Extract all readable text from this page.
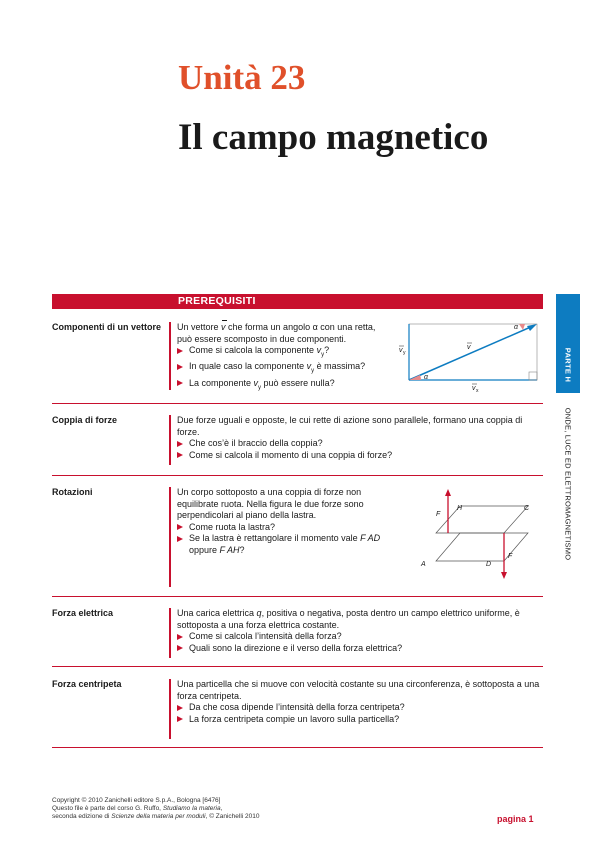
Unità 23
Il campo magnetico
PREREQUISITI
PARTE H
ONDE, LUCE ED ELETTROMAGNETISMO
Componenti di un vettore	Un vettore v che forma un angolo α con una retta,

può essere scomposto in due componenti.

Come si calcola la componente $v_y$?

In quale caso la componente $v_y$ è massima?

La componente $v_y$ può essere nulla?

α
α
v
v y
v x
Coppia di forze	Due forze uguali e opposte, le cui rette di azione sono parallele, formano una coppia di forze.

Che cos’è il braccio della coppia?

Come si calcola il momento di una coppia di forze?

Rotazioni	Un corpo sottoposto a una coppia di forze non equilibrate ruota. Nella figura le due forze sono perpendicolari al piano della lastra.

Come ruota la lastra?

Se la lastra è rettangolare il momento vale F AD oppure F AH?

F
F
H	C
A	D
Forza elettrica	Una carica elettrica q, positiva o negativa, posta dentro un campo elettrico uniforme, è sottoposta a una forza elettrica costante.

Come si calcola l’intensità della forza?

Quali sono la direzione e il verso della forza elettrica?

Forza centripeta	Una particella che si muove con velocità costante su una circonferenza, è sottoposta a una forza centripeta.

Da che cosa dipende l’intensità della forza centripeta?

La forza centripeta compie un lavoro sulla particella?

Copyright © 2010 Zanichelli editore S.p.A., Bologna [6476]

Questo file è parte del corso G. Ruffo, Studiamo la materia,

seconda edizione di Scienze della materia per moduli, © Zanichelli 2010	pagina 1
